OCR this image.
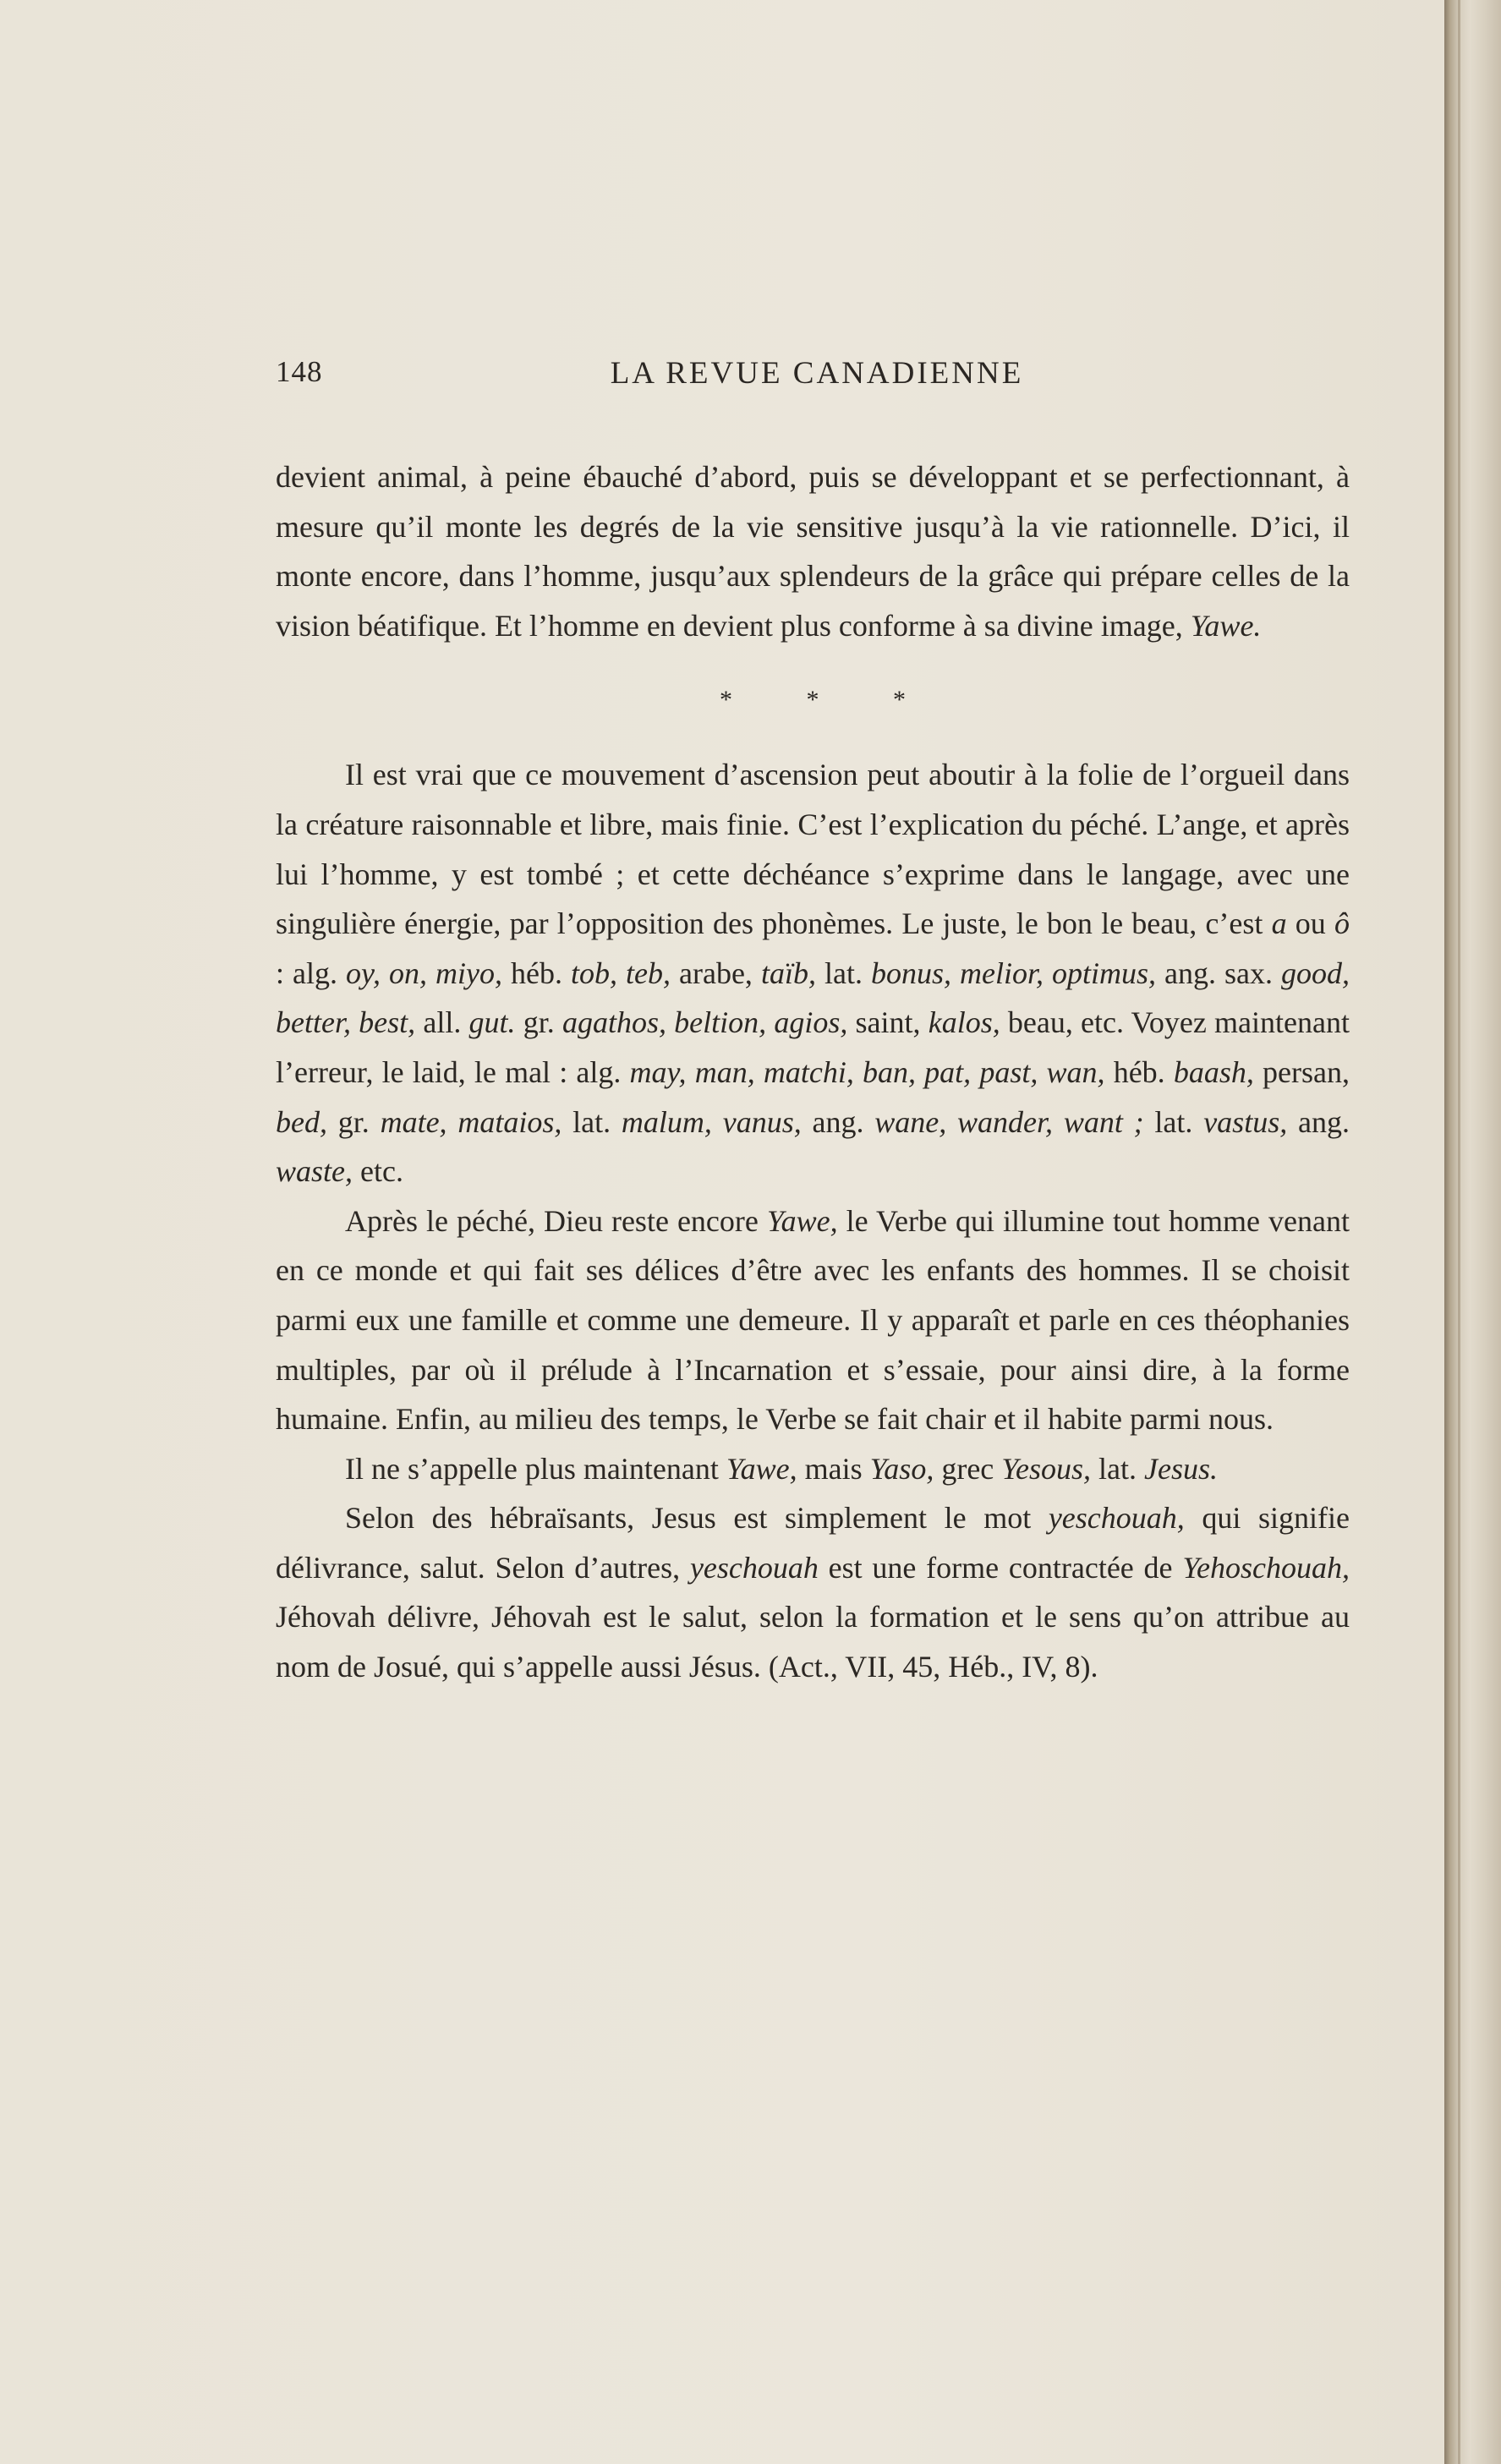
148	LA REVUE CANADIENNE

devient animal, à peine ébauché d’abord, puis se développant et se perfectionnant, à mesure qu’il monte les degrés de la vie sensitive jusqu’à la vie rationnelle. D’ici, il monte encore, dans l’homme, jusqu’aux splendeurs de la grâce qui prépare celles de la vision béatifique. Et l’homme en devient plus conforme à sa divine image, Yawe.

* * *

Il est vrai que ce mouvement d’ascension peut aboutir à la folie de l’orgueil dans la créature raisonnable et libre, mais finie. C’est l’explication du péché. L’ange, et après lui l’homme, y est tombé ; et cette déchéance s’exprime dans le langage, avec une singulière énergie, par l’opposition des phonèmes. Le juste, le bon le beau, c’est a ou ô : alg. oy, on, miyo, héb. tob, teb, arabe, taïb, lat. bonus, melior, optimus, ang. sax. good, better, best, all. gut. gr. agathos, beltion, agios, saint, kalos, beau, etc. Voyez maintenant l’erreur, le laid, le mal : alg. may, man, matchi, ban, pat, past, wan, héb. baash, persan, bed, gr. mate, mataios, lat. malum, vanus, ang. wane, wander, want ; lat. vastus, ang. waste, etc.

Après le péché, Dieu reste encore Yawe, le Verbe qui illumine tout homme venant en ce monde et qui fait ses délices d’être avec les enfants des hommes. Il se choisit parmi eux une famille et comme une demeure. Il y apparaît et parle en ces théophanies multiples, par où il prélude à l’Incarnation et s’essaie, pour ainsi dire, à la forme humaine. Enfin, au milieu des temps, le Verbe se fait chair et il habite parmi nous.

Il ne s’appelle plus maintenant Yawe, mais Yaso, grec Yesous, lat. Jesus.

Selon des hébraïsants, Jesus est simplement le mot yeschouah, qui signifie délivrance, salut. Selon d’autres, yeschouah est une forme contractée de Yehoschouah, Jéhovah délivre, Jéhovah est le salut, selon la formation et le sens qu’on attribue au nom de Josué, qui s’appelle aussi Jésus. (Act., VII, 45, Héb., IV, 8).
